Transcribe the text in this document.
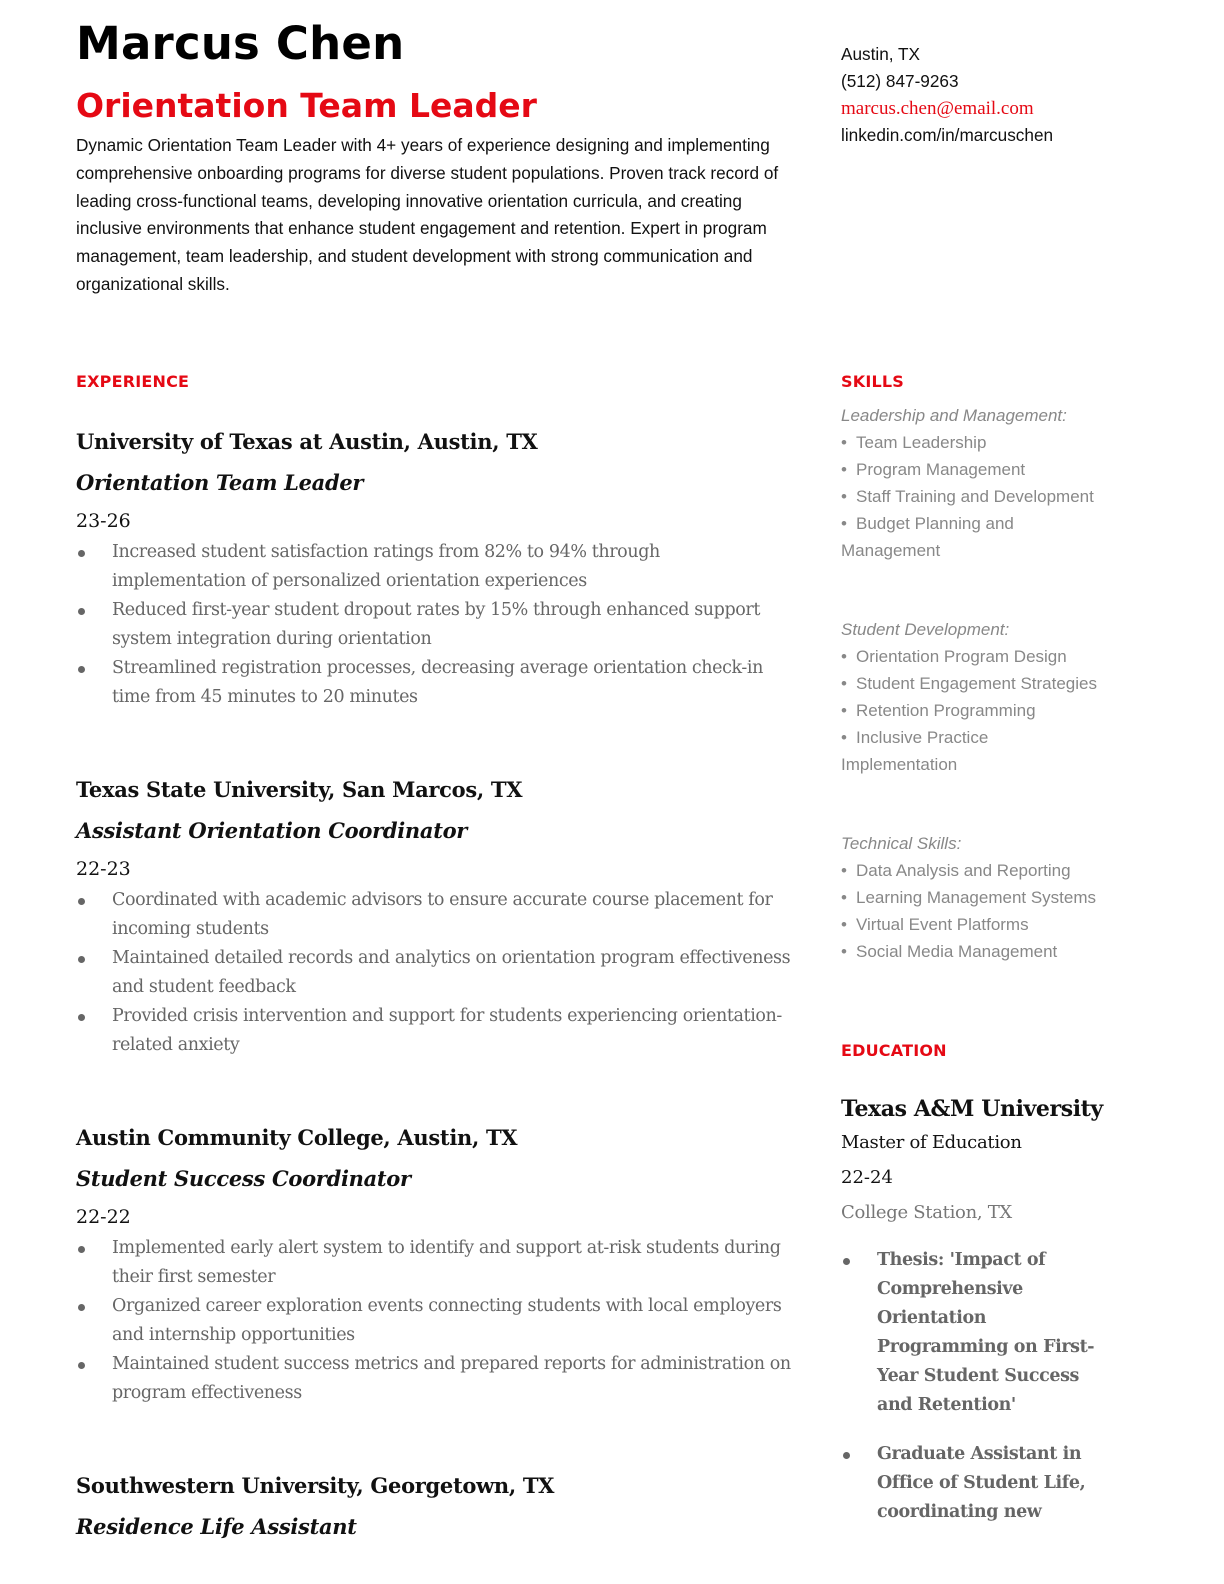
Marcus Chen
Orientation Team Leader
Dynamic Orientation Team Leader with 4+ years of experience designing and implementing comprehensive onboarding programs for diverse student populations. Proven track record of leading cross-functional teams, developing innovative orientation curricula, and creating inclusive environments that enhance student engagement and retention. Expert in program management, team leadership, and student development with strong communication and organizational skills.
Austin, TX
(512) 847-9263
marcus.chen@email.com
linkedin.com/in/marcuschen
EXPERIENCE
University of Texas at Austin, Austin, TX
Orientation Team Leader
23-26
Increased student satisfaction ratings from 82% to 94% through implementation of personalized orientation experiences
Reduced first-year student dropout rates by 15% through enhanced support system integration during orientation
Streamlined registration processes, decreasing average orientation check-in time from 45 minutes to 20 minutes
Texas State University, San Marcos, TX
Assistant Orientation Coordinator
22-23
Coordinated with academic advisors to ensure accurate course placement for incoming students
Maintained detailed records and analytics on orientation program effectiveness and student feedback
Provided crisis intervention and support for students experiencing orientation-related anxiety
Austin Community College, Austin, TX
Student Success Coordinator
22-22
Implemented early alert system to identify and support at-risk students during their first semester
Organized career exploration events connecting students with local employers and internship opportunities
Maintained student success metrics and prepared reports for administration on program effectiveness
Southwestern University, Georgetown, TX
Residence Life Assistant
SKILLS
Leadership and Management:
• Team Leadership
• Program Management
• Staff Training and Development
• Budget Planning and Management
Student Development:
• Orientation Program Design
• Student Engagement Strategies
• Retention Programming
• Inclusive Practice Implementation
Technical Skills:
• Data Analysis and Reporting
• Learning Management Systems
• Virtual Event Platforms
• Social Media Management
EDUCATION
Texas A&M University
Master of Education
22-24
College Station, TX
Thesis: 'Impact of Comprehensive Orientation Programming on First-Year Student Success and Retention'
Graduate Assistant in Office of Student Life, coordinating new
